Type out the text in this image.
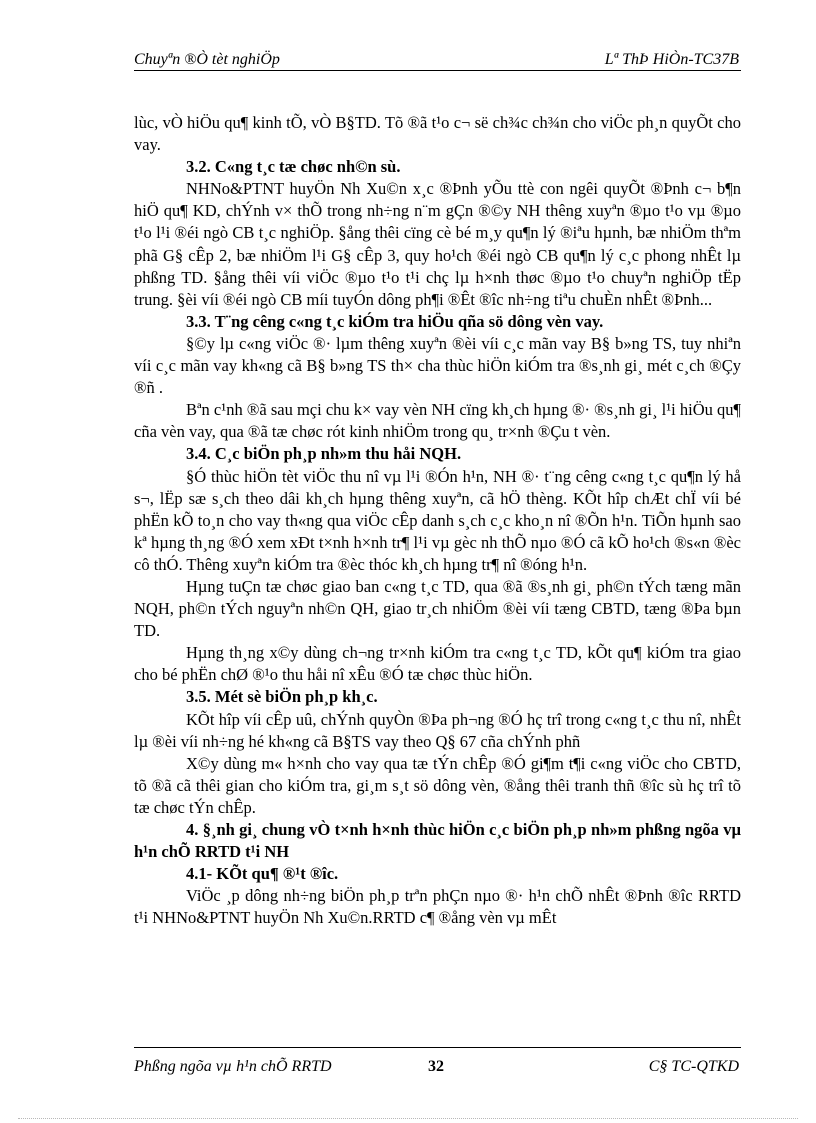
Chuyªn ®Ò tèt nghiÖp	Lª ThÞ HiÒn-TC37B

lùc, vÒ hiÖu qu¶ kinh tÕ, vÒ B§TD. Tõ ®ã t¹o c¬ së ch¾c ch¾n cho viÖc ph¸n quyÕt cho vay.

3.2. C«ng t¸c tæ chøc nh©n sù.

NHNo&PTNT huyÖn Nh Xu©n x¸c ®Þnh yÕu ttè con ngêi quyÕt ®Þnh c¬ b¶n hiÖ qu¶ KD, chÝnh v× thÕ trong nh÷ng n¨m gÇn ®©y NH thêng xuyªn ®µo t¹o vµ ®µo t¹o l¹i ®éi ngò CB t¸c nghiÖp. §ång thêi cïng cè bé m¸y qu¶n lý ®iªu hµnh, bæ nhiÖm thªm phã G§ cÊp 2, bæ nhiÖm l¹i G§ cÊp 3, quy ho¹ch ®éi ngò CB qu¶n lý c¸c phong nhÊt lµ phßng TD. §ång thêi víi viÖc ®µo t¹o t¹i chç lµ h×nh thøc ®µo t¹o chuyªn nghiÖp tËp trung. §èi víi ®éi ngò CB míi tuyÓn dông ph¶i ®Êt ®îc nh÷ng tiªu chuÈn nhÊt ®Þnh...

3.3. T¨ng cêng c«ng t¸c kiÓm tra hiÖu qña sö dông vèn vay.

§©y lµ c«ng viÖc ®· lµm thêng xuyªn ®èi víi c¸c mãn vay B§ b»ng TS, tuy nhiªn víi c¸c mãn vay kh«ng cã B§ b»ng TS th× cha thùc hiÖn kiÓm tra ®s¸nh gi¸ mét c¸ch ®Çy ®ñ .

Bªn c¹nh ®ã sau mçi chu k× vay vèn NH cïng kh¸ch hµng ®· ®s¸nh gi¸ l¹i hiÖu qu¶ cña vèn vay, qua ®ã tæ chøc rót kinh nhiÖm trong qu¸ tr×nh ®Çu t vèn.

3.4. C¸c biÖn ph¸p nh»m thu håi NQH.

§Ó thùc hiÖn tèt viÖc thu nî vµ l¹i ®Ón h¹n, NH ®· t¨ng cêng c«ng t¸c qu¶n lý hå s¬, lËp sæ s¸ch theo dâi kh¸ch hµng thêng xuyªn, cã hÖ thèng. KÕt hîp chÆt chÏ víi bé phËn kÕ to¸n cho vay th«ng qua viÖc cÊp danh s¸ch c¸c kho¸n nî ®Õn h¹n. TiÕn hµnh sao kª hµng th¸ng ®Ó xem xÐt t×nh h×nh tr¶ l¹i vµ gèc nh thÕ nµo ®Ó cã kÕ ho¹ch ®s«n ®èc cô thÓ. Thêng xuyªn kiÓm tra ®èc thóc kh¸ch hµng tr¶ nî ®óng h¹n.

Hµng tuÇn tæ chøc giao ban c«ng t¸c TD, qua ®ã ®s¸nh gi¸ ph©n tÝch tæng mãn NQH, ph©n tÝch nguyªn nh©n QH, giao tr¸ch nhiÖm ®èi víi tæng CBTD, tæng ®Þa bµn TD.

Hµng th¸ng x©y dùng ch¬ng tr×nh kiÓm tra c«ng t¸c TD, kÕt qu¶ kiÓm tra giao cho bé phËn chØ ®¹o thu håi nî xÊu ®Ó tæ chøc thùc hiÖn.

3.5. Mét sè biÖn ph¸p kh¸c.

KÕt hîp víi cÊp uû, chÝnh quyÒn ®Þa ph¬ng ®Ó hç trî trong c«ng t¸c thu nî, nhÊt lµ ®èi víi nh÷ng hé kh«ng cã B§TS vay theo Q§ 67 cña chÝnh phñ

X©y dùng m« h×nh cho vay qua tæ tÝn chÊp ®Ó gi¶m t¶i c«ng viÖc cho CBTD, tõ ®ã cã thêi gian cho kiÓm tra, gi¸m s¸t sö dông vèn, ®ång thêi tranh thñ ®îc sù hç trî tõ tæ chøc tÝn chÊp.

4. §¸nh gi¸ chung vÒ t×nh h×nh thùc hiÖn c¸c biÖn ph¸p nh»m phßng ngõa vµ h¹n chÕ RRTD t¹i NH

4.1- KÕt qu¶ ®¹t ®îc.

ViÖc ¸p dông nh÷ng biÖn ph¸p trªn phÇn nµo ®· h¹n chÕ nhÊt ®Þnh ®îc RRTD t¹i NHNo&PTNT huyÖn Nh Xu©n.RRTD c¶ ®ång vèn vµ mÊt

Phßng ngõa vµ h¹n chÕ RRTD	32	C§ TC-QTKD
